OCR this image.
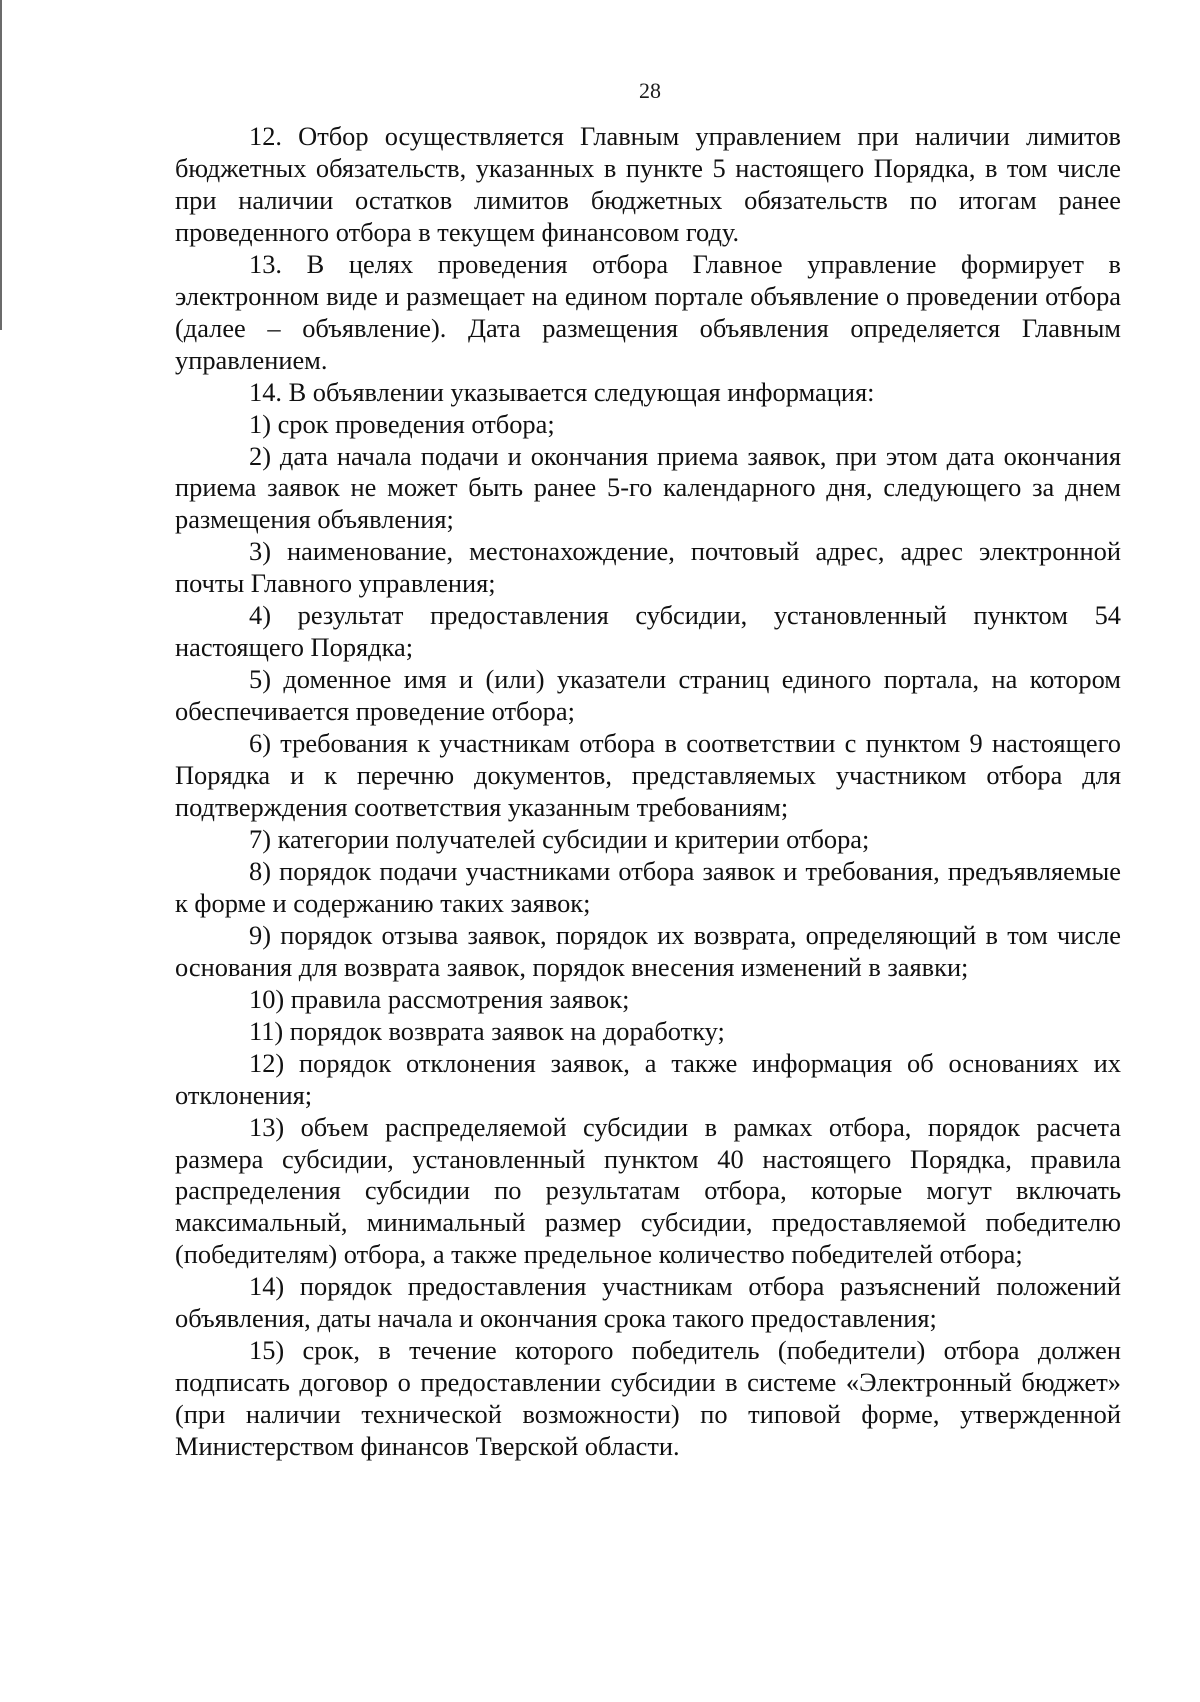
28

12. Отбор осуществляется Главным управлением при наличии лимитов бюджетных обязательств, указанных в пункте 5 настоящего Порядка, в том числе при наличии остатков лимитов бюджетных обязательств по итогам ранее проведенного отбора в текущем финансовом году.

13. В целях проведения отбора Главное управление формирует в электронном виде и размещает на едином портале объявление о проведении отбора (далее – объявление). Дата размещения объявления определяется Главным управлением.

14. В объявлении указывается следующая информация:

1) срок проведения отбора;

2) дата начала подачи и окончания приема заявок, при этом дата окончания приема заявок не может быть ранее 5-го календарного дня, следующего за днем размещения объявления;

3) наименование, местонахождение, почтовый адрес, адрес электронной почты Главного управления;

4) результат предоставления субсидии, установленный пунктом 54 настоящего Порядка;

5) доменное имя и (или) указатели страниц единого портала, на котором обеспечивается проведение отбора;

6) требования к участникам отбора в соответствии с пунктом 9 настоящего Порядка и к перечню документов, представляемых участником отбора для подтверждения соответствия указанным требованиям;

7) категории получателей субсидии и критерии отбора;

8) порядок подачи участниками отбора заявок и требования, предъявляемые к форме и содержанию таких заявок;

9) порядок отзыва заявок, порядок их возврата, определяющий в том числе основания для возврата заявок, порядок внесения изменений в заявки;

10) правила рассмотрения заявок;

11) порядок возврата заявок на доработку;

12) порядок отклонения заявок, а также информация об основаниях их отклонения;

13) объем распределяемой субсидии в рамках отбора, порядок расчета размера субсидии, установленный пунктом 40 настоящего Порядка, правила распределения субсидии по результатам отбора, которые могут включать максимальный, минимальный размер субсидии, предоставляемой победителю (победителям) отбора, а также предельное количество победителей отбора;

14) порядок предоставления участникам отбора разъяснений положений объявления, даты начала и окончания срока такого предоставления;

15) срок, в течение которого победитель (победители) отбора должен подписать договор о предоставлении субсидии в системе «Электронный бюджет» (при наличии технической возможности) по типовой форме, утвержденной Министерством финансов Тверской области.
